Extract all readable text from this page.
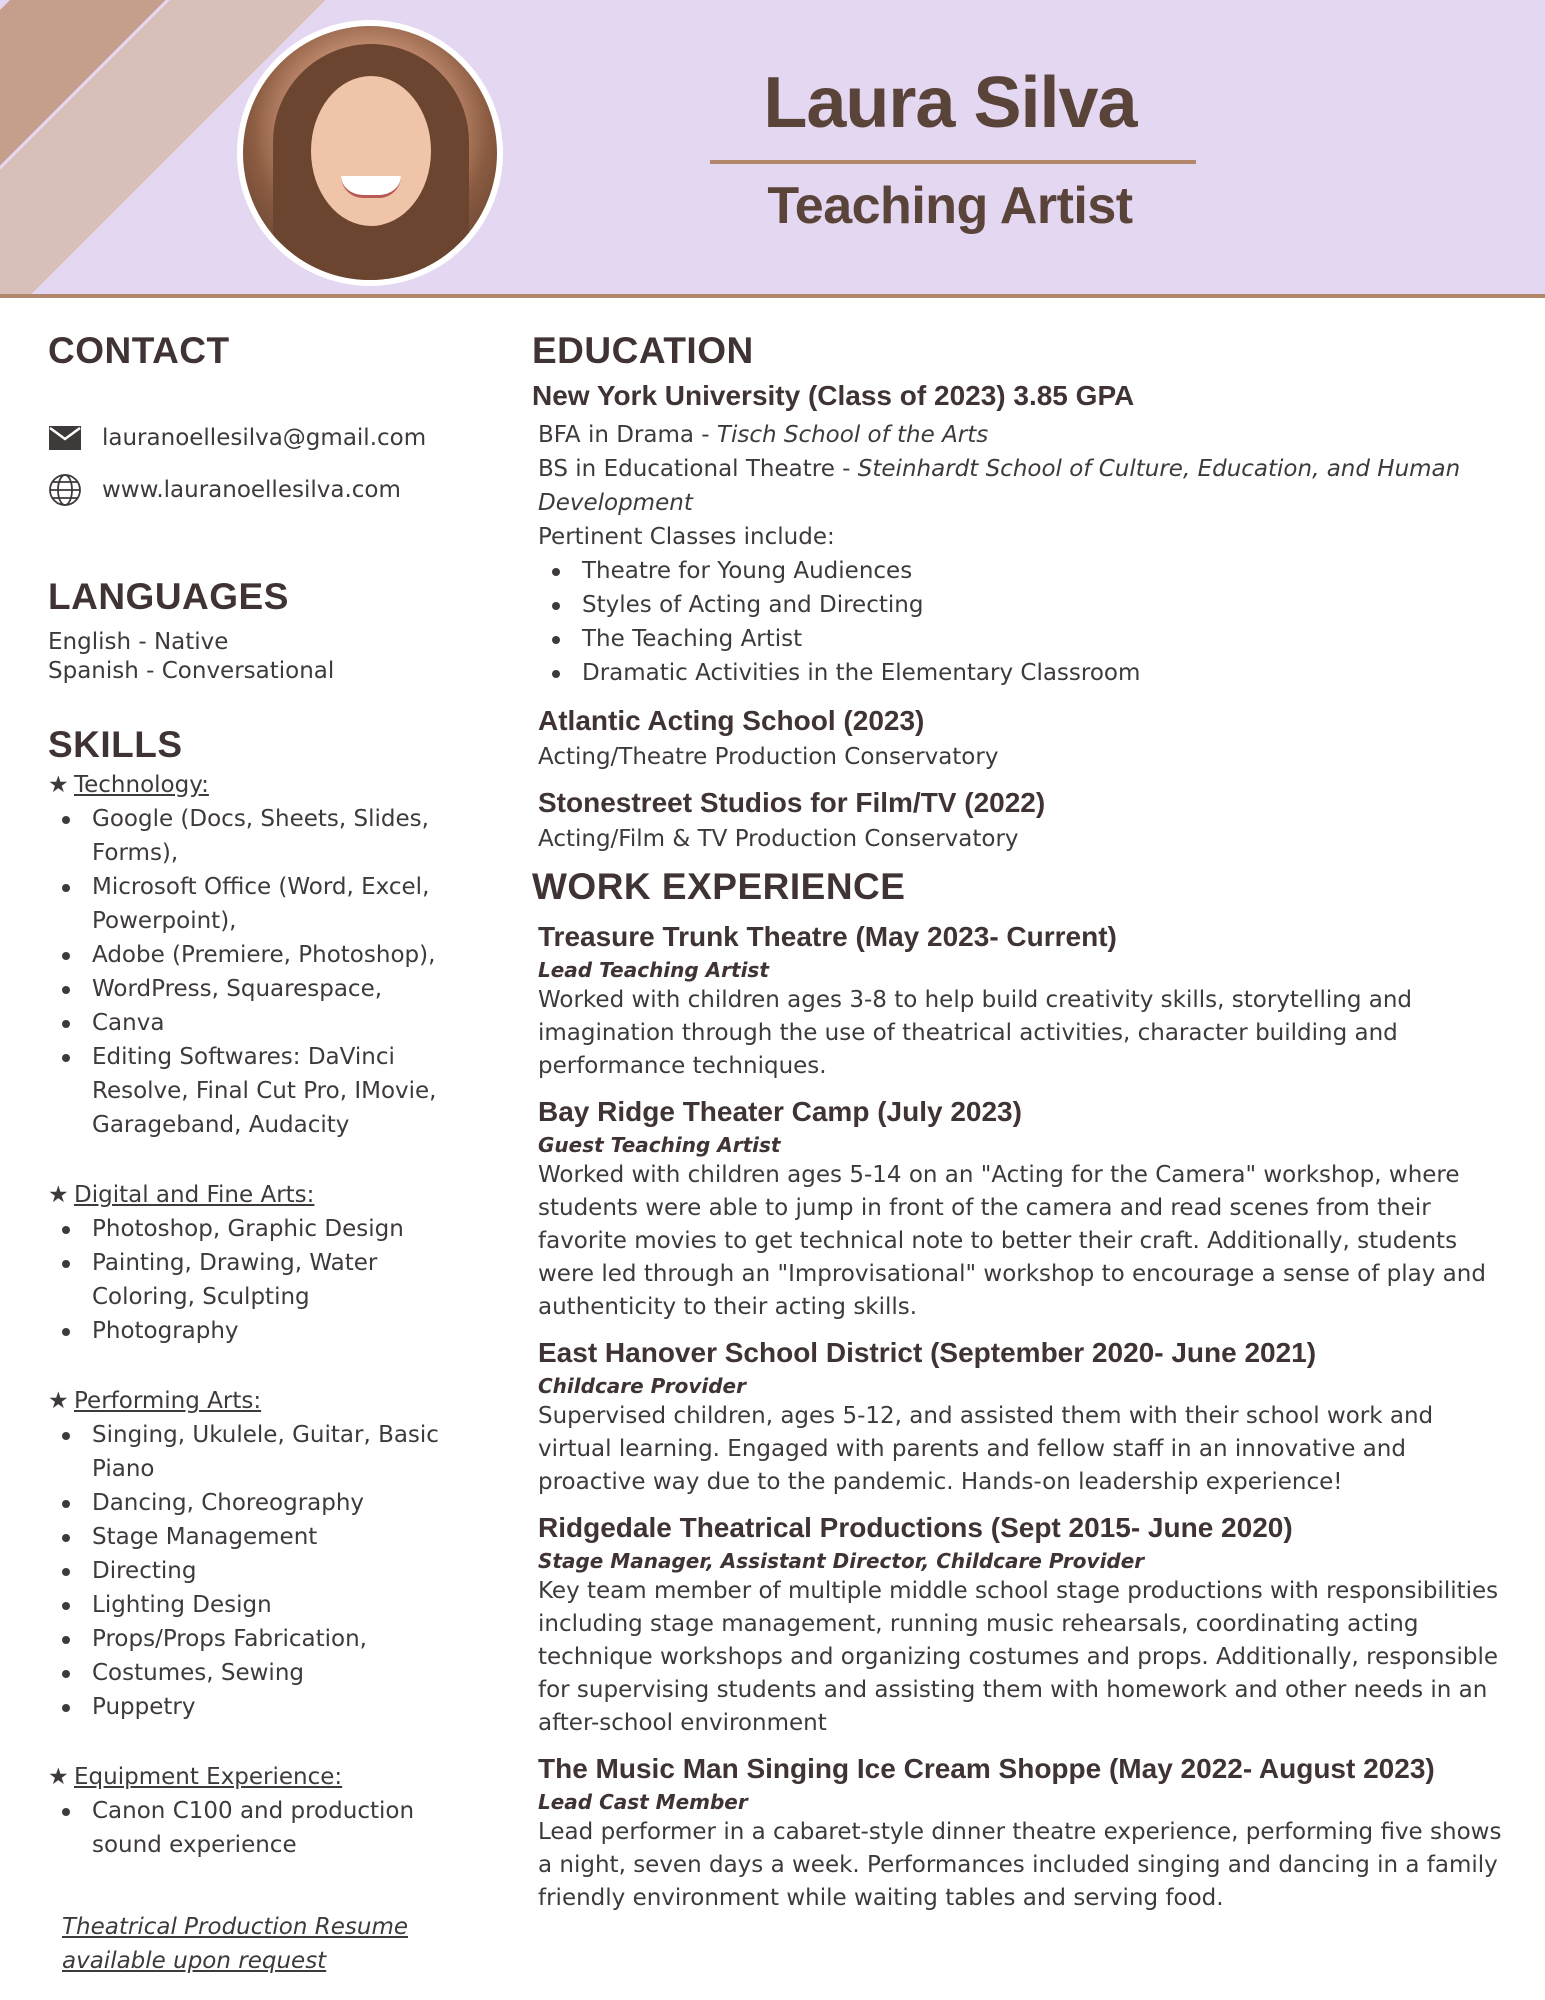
Laura Silva
Teaching Artist
CONTACT
lauranoellesilva@gmail.com
www.lauranoellesilva.com
LANGUAGES
English - Native
Spanish - Conversational
SKILLS
★ Technology:
Google (Docs, Sheets, Slides, Forms),
Microsoft Office (Word, Excel, Powerpoint),
Adobe (Premiere, Photoshop),
WordPress, Squarespace,
Canva
Editing Softwares: DaVinci Resolve, Final Cut Pro, IMovie, Garageband, Audacity
★ Digital and Fine Arts:
Photoshop, Graphic Design
Painting, Drawing, Water Coloring, Sculpting
Photography
★ Performing Arts:
Singing, Ukulele, Guitar, Basic Piano
Dancing, Choreography
Stage Management
Directing
Lighting Design
Props/Props Fabrication,
Costumes, Sewing
Puppetry
★ Equipment Experience:
Canon C100 and production sound experience
Theatrical Production Resume available upon request
EDUCATION
New York University (Class of 2023) 3.85 GPA
BFA in Drama - Tisch School of the Arts
BS in Educational Theatre - Steinhardt School of Culture, Education, and Human Development
Pertinent Classes include:
Theatre for Young Audiences
Styles of Acting and Directing
The Teaching Artist
Dramatic Activities in the Elementary Classroom
Atlantic Acting School (2023)
Acting/Theatre Production Conservatory
Stonestreet Studios for Film/TV (2022)
Acting/Film & TV Production Conservatory
WORK EXPERIENCE
Treasure Trunk Theatre (May 2023- Current)
Lead Teaching Artist
Worked with children ages 3-8 to help build creativity skills, storytelling and imagination through the use of theatrical activities, character building and performance techniques.
Bay Ridge Theater Camp (July 2023)
Guest Teaching Artist
Worked with children ages 5-14 on an "Acting for the Camera" workshop, where students were able to jump in front of the camera and read scenes from their favorite movies to get technical note to better their craft. Additionally, students were led through an "Improvisational" workshop to encourage a sense of play and authenticity to their acting skills.
East Hanover School District (September 2020- June 2021)
Childcare Provider
Supervised children, ages 5-12, and assisted them with their school work and virtual learning. Engaged with parents and fellow staff in an innovative and proactive way due to the pandemic. Hands-on leadership experience!
Ridgedale Theatrical Productions (Sept 2015- June 2020)
Stage Manager, Assistant Director, Childcare Provider
Key team member of multiple middle school stage productions with responsibilities including stage management, running music rehearsals, coordinating acting technique workshops and organizing costumes and props. Additionally, responsible for supervising students and assisting them with homework and other needs in an after-school environment
The Music Man Singing Ice Cream Shoppe (May 2022- August 2023)
Lead Cast Member
Lead performer in a cabaret-style dinner theatre experience, performing five shows a night, seven days a week. Performances included singing and dancing in a family friendly environment while waiting tables and serving food.
